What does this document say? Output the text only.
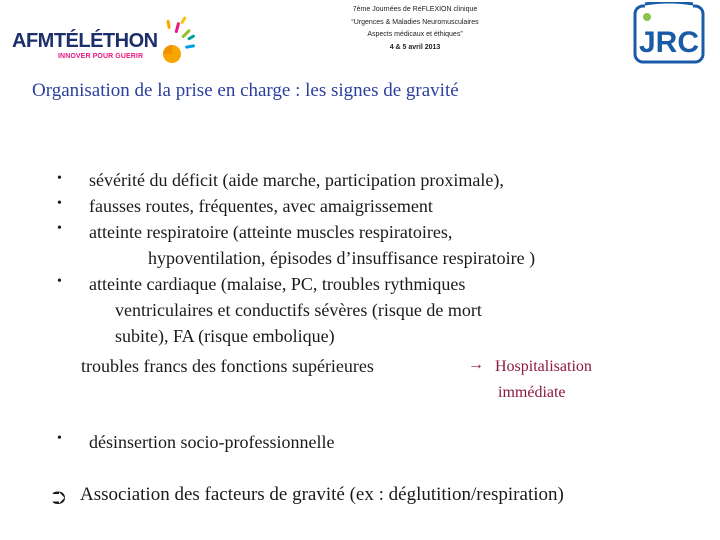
AFMTÉLÉTHON
INNOVER POUR GUERIR
7ème Journées de RéFLEXION clinique
“Urgences & Maladies Neuromusculaires
Aspects médicaux et éthiques”
4 & 5 avril 2013	JRC
Organisation de la prise en charge : les signes de gravité
•
•
•
•
•
sévérité du déficit (aide marche, participation proximale),
fausses routes, fréquentes, avec amaigrissement
atteinte respiratoire (atteinte muscles respiratoires,
hypoventilation, épisodes d’insuffisance respiratoire )
atteinte cardiaque (malaise, PC, troubles rythmiques
ventriculaires et conductifs sévères (risque de mort
subite), FA (risque embolique)
troubles francs des fonctions supérieures	→ Hospitalisation
immédiate
désinsertion socio-professionnelle
⮊ Association des facteurs de gravité (ex : déglutition/respiration)
